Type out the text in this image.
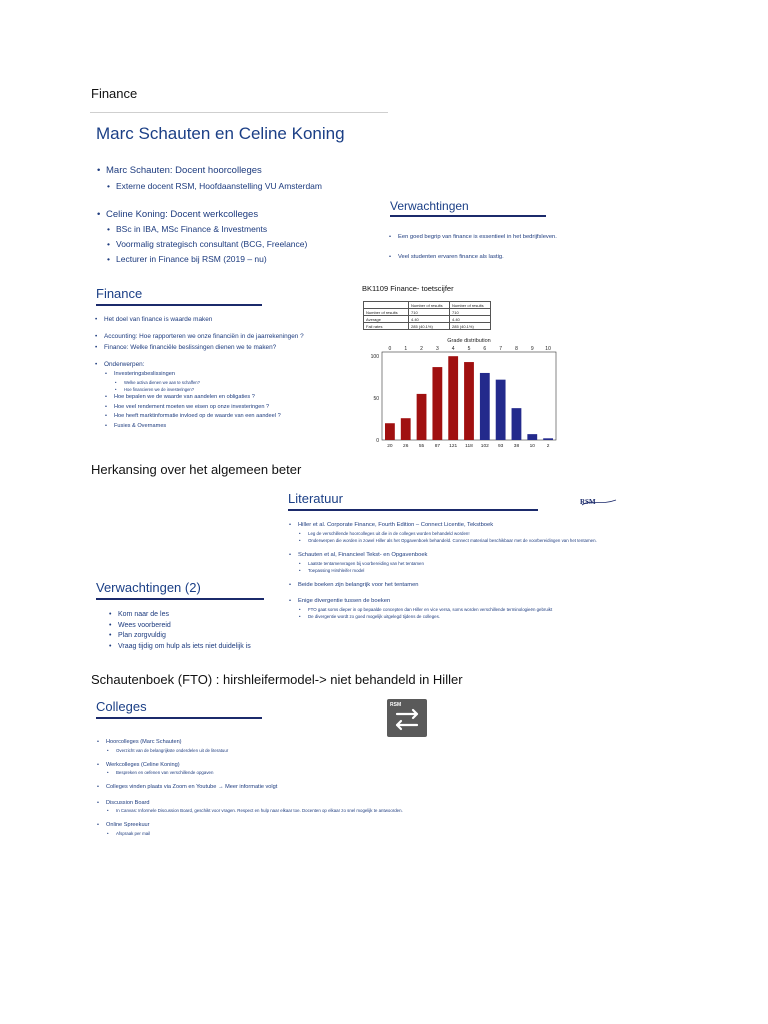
Finance
Marc Schauten en Celine Koning
• Marc Schauten: Docent hoorcolleges
• Externe docent RSM, Hoofdaanstelling VU Amsterdam
• Celine Koning: Docent werkcolleges
• BSc in IBA, MSc Finance & Investments
• Voormalig strategisch consultant (BCG, Freelance)
• Lecturer in Finance bij RSM (2019 – nu)
Verwachtingen
• Een goed begrip van finance is essentieel in het bedrijfsleven.
• Veel studenten ervaren finance als lastig.
Finance
• Het doel van finance is waarde maken
• Accounting: Hoe rapporteren we onze financiën in de jaarrekeningen ?
• Finance: Welke financiële beslissingen dienen we te maken?
• Onderwerpen:
• Investeringsbeslissingen
• Welke activa dienen we aan te schaffen?
• Hoe financieren we de investeringen?
• Hoe bepalen we de waarde van aandelen en obligaties ?
• Hoe veel rendement moeten we eisen op onze investeringen ?
• Hoe heeft marktinformatie invloed op de waarde van een aandeel ?
• Fusies & Overnames
BK1109 Finance- toetscijfer
	Number of results	Number of results
Number of results	710	710
Average	4.40	4.40
Fail rates	285 (40.1%)	285 (40.1%)
Grade distribution
100
50
0
0
20
1
26
2
55
3
87
4
121
5
118
6
102
7
93
8
38
9
10
10
2
Herkansing over het algemeen beter
Literatuur	RSM
• Hiller et al. Corporate Finance, Fourth Edition – Connect Licentie, Tekstboek
• Leg de verschillende hoorcolleges uit die in de colleges worden behandeld worden!
• Onderwerpen die worden in zowel Hiller als het Opgavenboek behandeld. Connect materiaal beschikbaar met de voorbereidingen van het tentamen.
• Schauten et al, Financieel Tekst- en Opgavenboek
• Laatste tentamenvragen bij voorbereiding van het tentamen
• Toepassing Hirshleifer model
• Beide boeken zijn belangrijk voor het tentamen
• Enige divergentie tussen de boeken
• FTO gaat soms dieper in op bepaalde concepten dan Hiller en vice versa, soms worden verschillende terminologieën gebruikt
• De divergentie wordt zo goed mogelijk uitgelegd tijdens de colleges.
Verwachtingen (2)
• Kom naar de les
• Wees voorbereid
• Plan zorgvuldig
• Vraag tijdig om hulp als iets niet duidelijk is
Schautenboek (FTO) : hirshleifermodel-> niet behandeld in Hiller
Colleges
• Hoorcolleges (Marc Schauten)
• Overzicht van de belangrijkste onderdelen uit de literatuur
• Werkcolleges (Celine Koning)
• Bespreken en oefenen van verschillende opgaven
• Colleges vinden plaats via Zoom en Youtube → Meer informatie volgt
• Discussion Board
• In Canvas: Informele Discussion Board, geschikt voor vragen. Respect en hulp naar elkaar toe. Docenten op elkaar zo snel mogelijk te antwoorden.
• Online Spreekuur
• Afspraak per mail
RSM
